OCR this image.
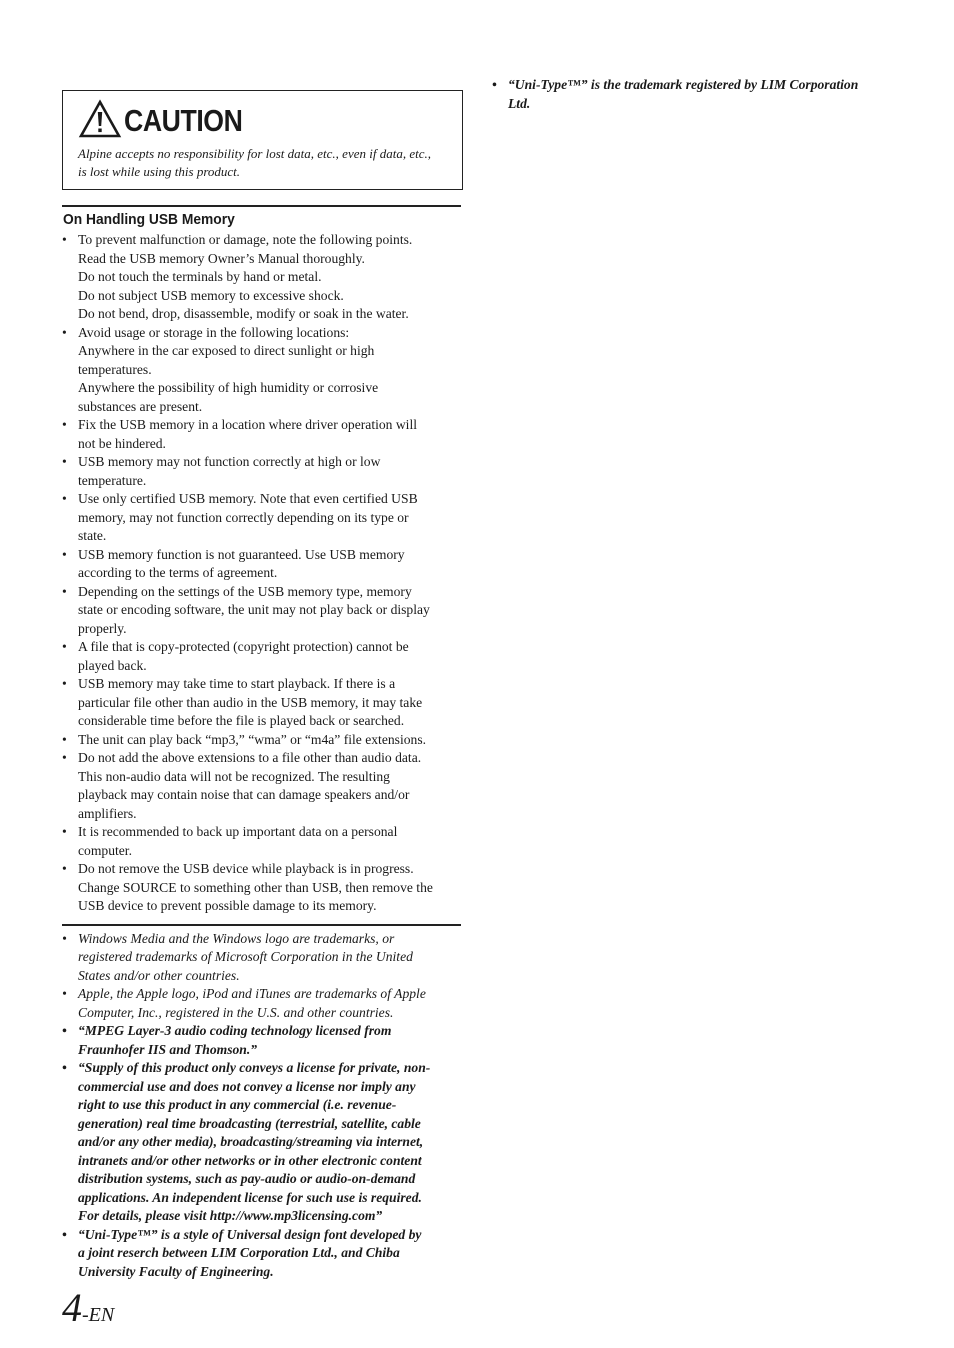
CAUTION
Alpine accepts no responsibility for lost data, etc., even if data, etc.,
is lost while using this product.
On Handling USB Memory
• To prevent malfunction or damage, note the following points.
Read the USB memory Owner’s Manual thoroughly.
Do not touch the terminals by hand or metal.
Do not subject USB memory to excessive shock.
Do not bend, drop, disassemble, modify or soak in the water.
• Avoid usage or storage in the following locations:
Anywhere in the car exposed to direct sunlight or high
temperatures.
Anywhere the possibility of high humidity or corrosive
substances are present.
• Fix the USB memory in a location where driver operation will
not be hindered.
• USB memory may not function correctly at high or low
temperature.
• Use only certified USB memory. Note that even certified USB
memory, may not function correctly depending on its type or
state.
• USB memory function is not guaranteed. Use USB memory
according to the terms of agreement.
• Depending on the settings of the USB memory type, memory
state or encoding software, the unit may not play back or display
properly.
• A file that is copy-protected (copyright protection) cannot be
played back.
• USB memory may take time to start playback. If there is a
particular file other than audio in the USB memory, it may take
considerable time before the file is played back or searched.
• The unit can play back “mp3,” “wma” or “m4a” file extensions.
• Do not add the above extensions to a file other than audio data.
This non-audio data will not be recognized. The resulting
playback may contain noise that can damage speakers and/or
amplifiers.
• It is recommended to back up important data on a personal
computer.
• Do not remove the USB device while playback is in progress.
Change SOURCE to something other than USB, then remove the
USB device to prevent possible damage to its memory.
• Windows Media and the Windows logo are trademarks, or
registered trademarks of Microsoft Corporation in the United
States and/or other countries.
• Apple, the Apple logo, iPod and iTunes are trademarks of Apple
Computer, Inc., registered in the U.S. and other countries.
• “MPEG Layer-3 audio coding technology licensed from
Fraunhofer IIS and Thomson.”
• “Supply of this product only conveys a license for private, non-
commercial use and does not convey a license nor imply any
right to use this product in any commercial (i.e. revenue-
generation) real time broadcasting (terrestrial, satellite, cable
and/or any other media), broadcasting/streaming via internet,
intranets and/or other networks or in other electronic content
distribution systems, such as pay-audio or audio-on-demand
applications. An independent license for such use is required.
For details, please visit http://www.mp3licensing.com”
• “Uni-Type™” is a style of Universal design font developed by
a joint reserch between LIM Corporation Ltd., and Chiba
University Faculty of Engineering.
• “Uni-Type™” is the trademark registered by LIM Corporation
Ltd.
4-EN
